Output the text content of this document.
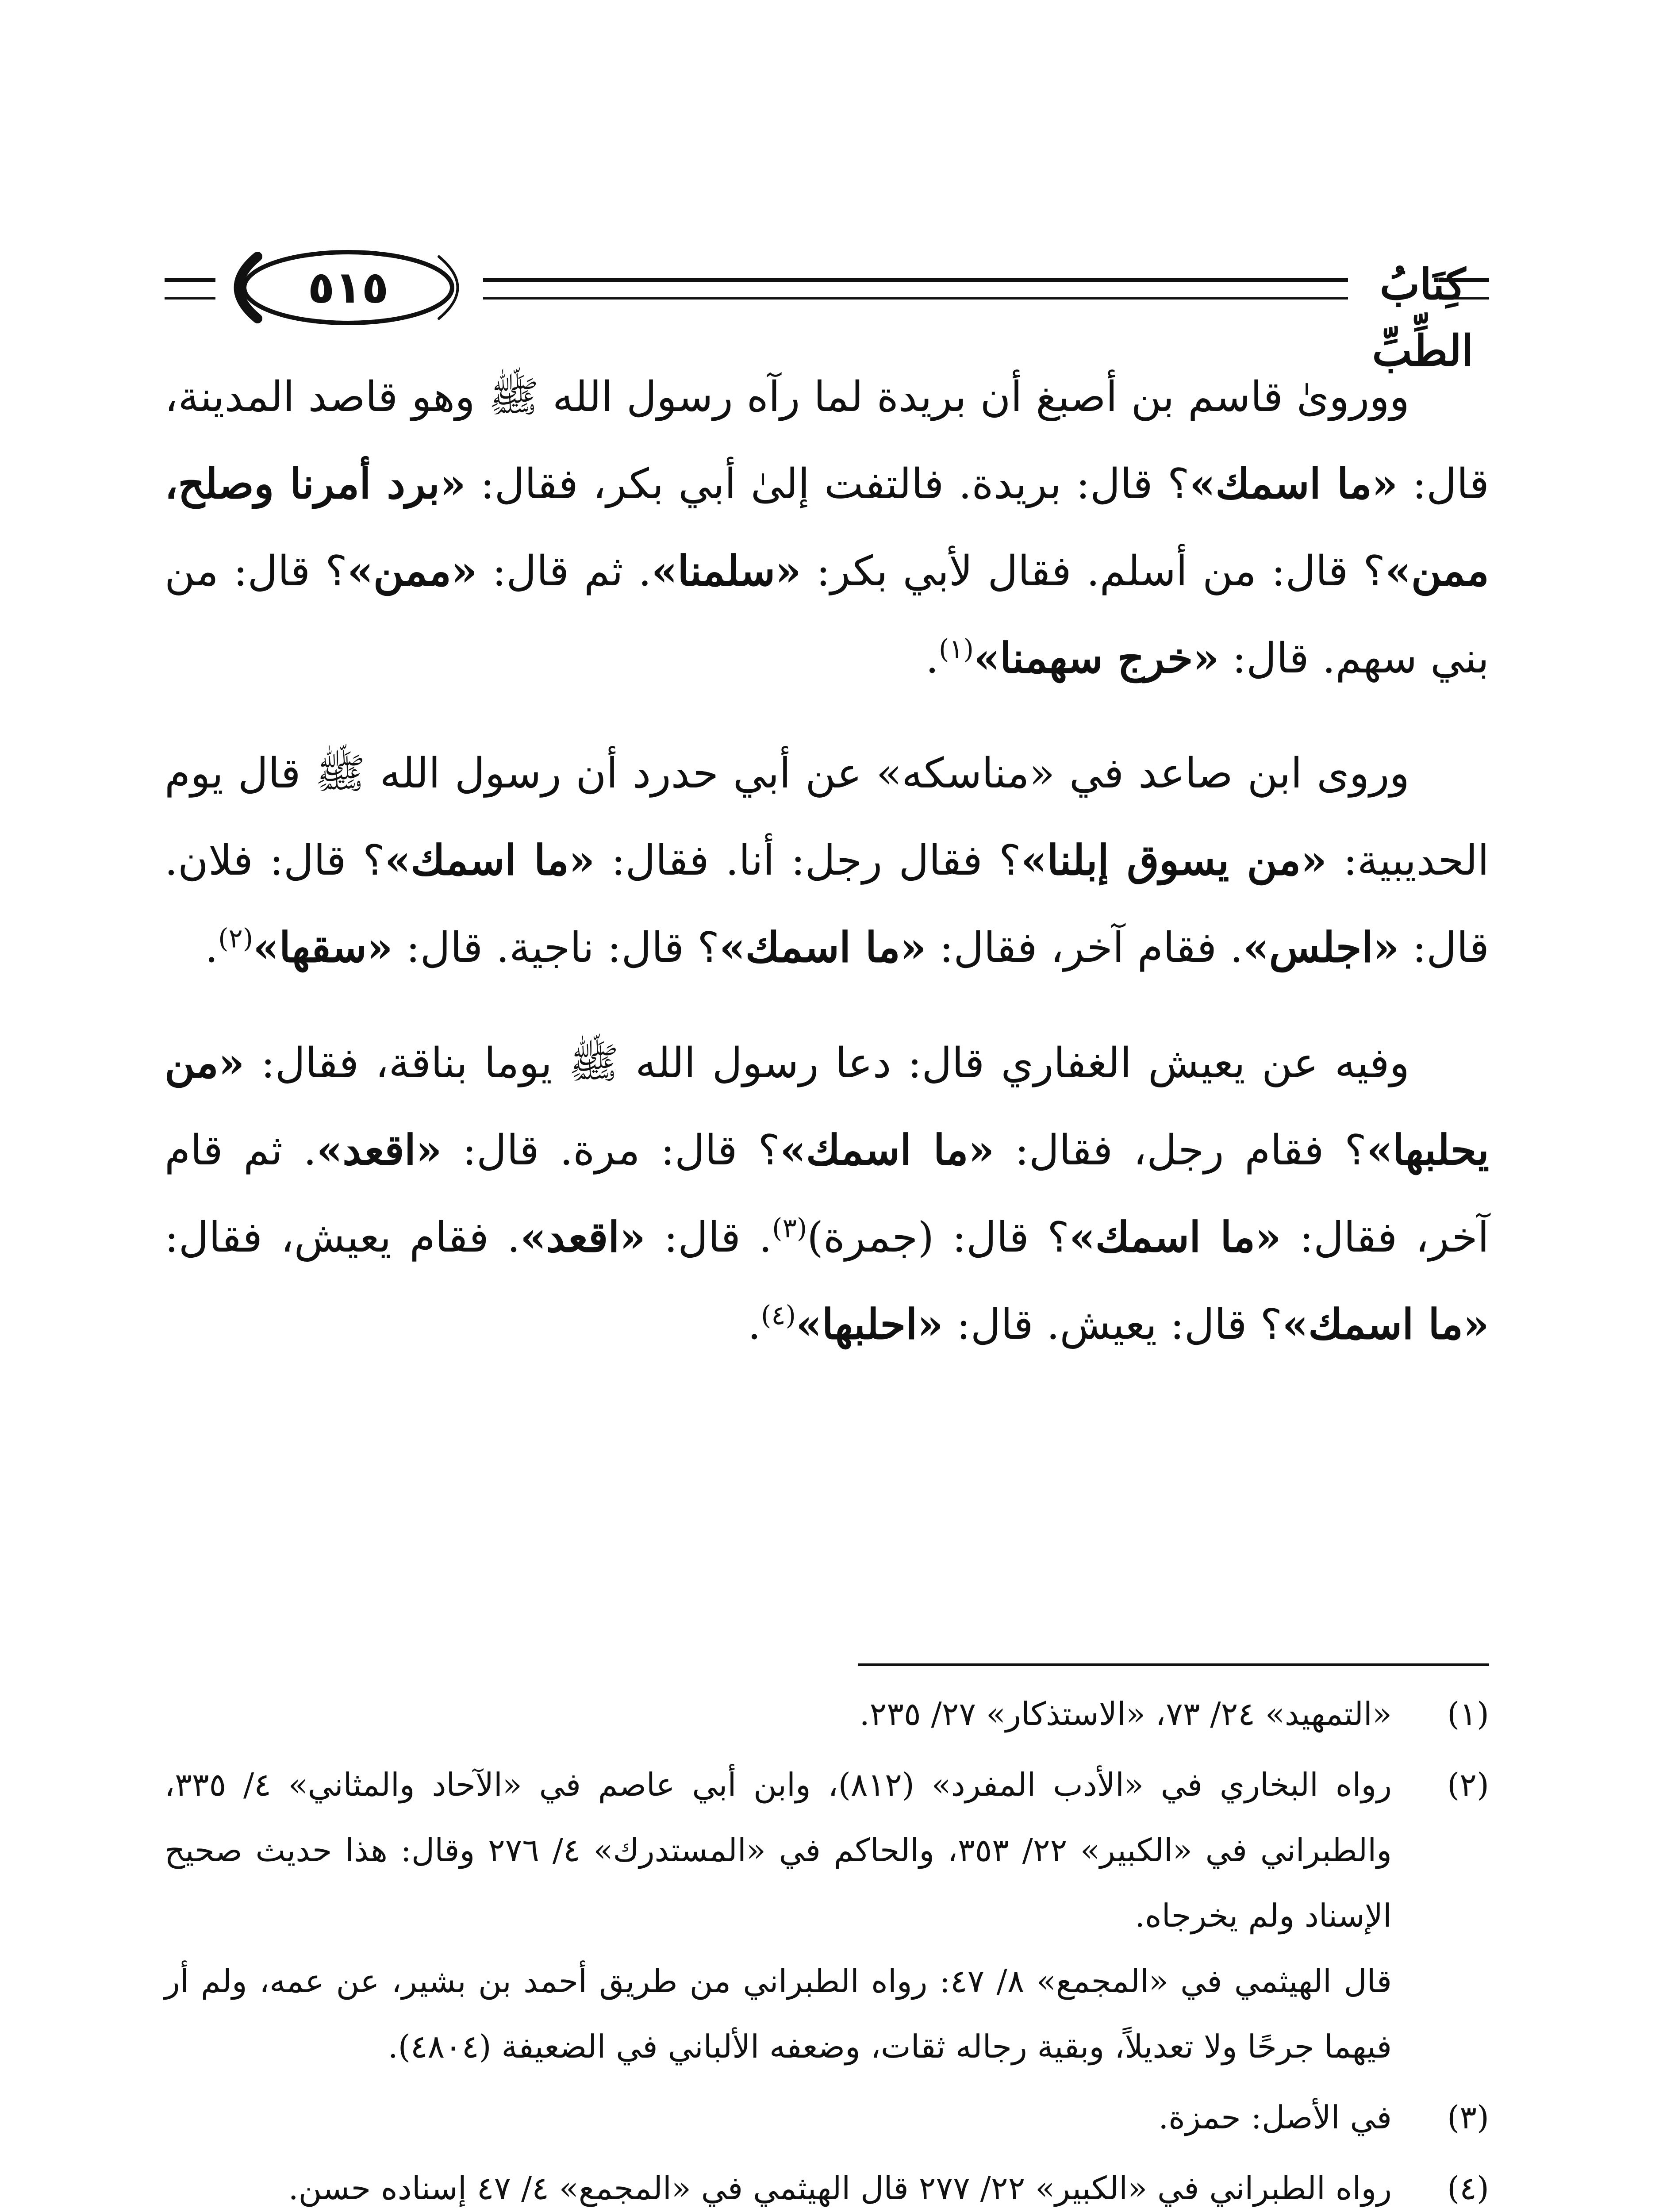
٥١٥	كِتَابُ الطِّبِّ

ووروىٰ قاسم بن أصبغ أن بريدة لما رآه رسول الله ﷺ وهو قاصد المدينة، قال: «ما اسمك»؟ قال: بريدة. فالتفت إلىٰ أبي بكر، فقال: «برد أمرنا وصلح، ممن»؟ قال: من أسلم. فقال لأبي بكر: «سلمنا». ثم قال: «ممن»؟ قال: من بني سهم. قال: «خرج سهمنا»$^{(١)}$.

وروى ابن صاعد في «مناسكه» عن أبي حدرد أن رسول الله ﷺ قال يوم الحديبية: «من يسوق إبلنا»؟ فقال رجل: أنا. فقال: «ما اسمك»؟ قال: فلان. قال: «اجلس». فقام آخر، فقال: «ما اسمك»؟ قال: ناجية. قال: «سقها»$^{(٢)}$.

وفيه عن يعيش الغفاري قال: دعا رسول الله ﷺ يوما بناقة، فقال: «من يحلبها»؟ فقام رجل، فقال: «ما اسمك»؟ قال: مرة. قال: «اقعد». ثم قام آخر، فقال: «ما اسمك»؟ قال: (جمرة)$^{(٣)}$. قال: «اقعد». فقام يعيش، فقال: «ما اسمك»؟ قال: يعيش. قال: «احلبها»$^{(٤)}$.

(١)
«التمهيد» ٢٤/ ٧٣، «الاستذكار» ٢٧/ ٢٣٥.
(٢)
رواه البخاري في «الأدب المفرد» (٨١٢)، وابن أبي عاصم في «الآحاد والمثاني» ٤/ ٣٣٥، والطبراني في «الكبير» ٢٢/ ٣٥٣، والحاكم في «المستدرك» ٤/ ٢٧٦ وقال: هذا حديث صحيح الإسناد ولم يخرجاه.
قال الهيثمي في «المجمع» ٨/ ٤٧: رواه الطبراني من طريق أحمد بن بشير، عن عمه، ولم أر فيهما جرحًا ولا تعديلاً، وبقية رجاله ثقات، وضعفه الألباني في الضعيفة (٤٨٠٤).
(٣)
في الأصل: حمزة.
(٤)
رواه الطبراني في «الكبير» ٢٢/ ٢٧٧ قال الهيثمي في «المجمع» ٤/ ٤٧ إسناده حسن.
